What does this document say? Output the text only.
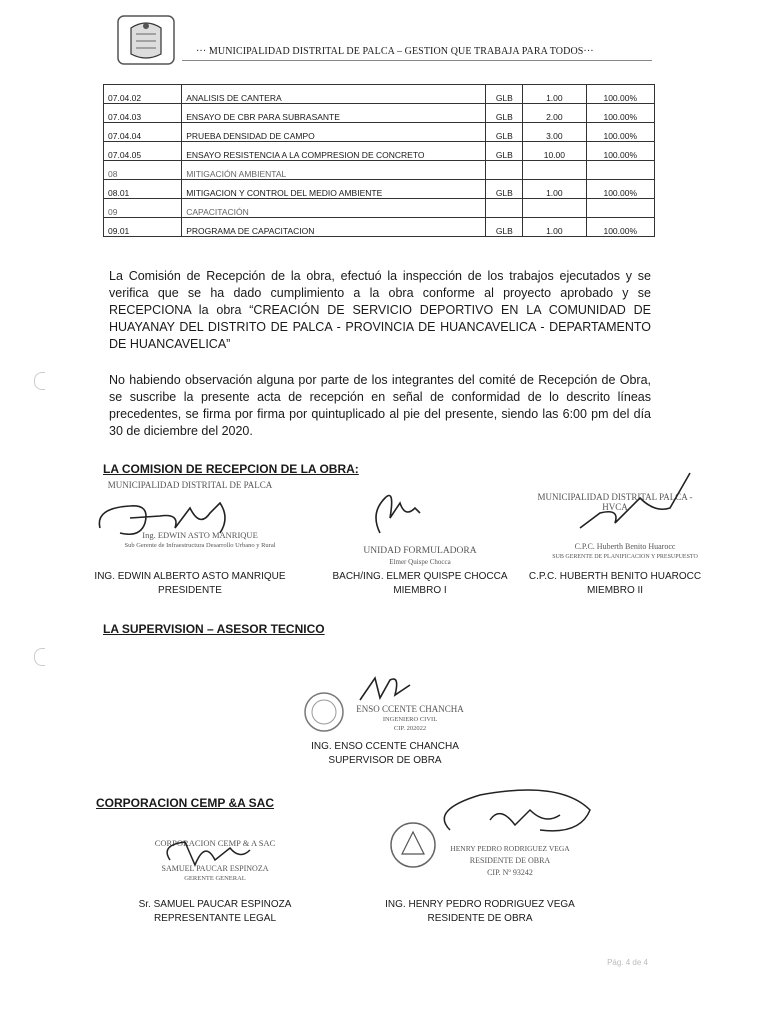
··· MUNICIPALIDAD DISTRITAL DE PALCA – GESTION QUE TRABAJA PARA TODOS···
07.04.02	ANALISIS DE CANTERA	GLB	1.00	100.00%
07.04.03	ENSAYO DE CBR PARA SUBRASANTE	GLB	2.00	100.00%
07.04.04	PRUEBA DENSIDAD DE CAMPO	GLB	3.00	100.00%
07.04.05	ENSAYO RESISTENCIA A LA COMPRESION DE CONCRETO	GLB	10.00	100.00%
08	MITIGACIÓN AMBIENTAL			
08.01	MITIGACION Y CONTROL DEL MEDIO AMBIENTE	GLB	1.00	100.00%
09	CAPACITACIÓN			
09.01	PROGRAMA DE CAPACITACION	GLB	1.00	100.00%
La Comisión de Recepción de la obra, efectuó la inspección de los trabajos ejecutados y se verifica que se ha dado cumplimiento a la obra conforme al proyecto aprobado y se RECEPCIONA la obra “CREACIÓN DE SERVICIO DEPORTIVO EN LA COMUNIDAD DE HUAYANAY DEL DISTRITO DE PALCA - PROVINCIA DE HUANCAVELICA - DEPARTAMENTO DE HUANCAVELICA”
No habiendo observación alguna por parte de los integrantes del comité de Recepción de Obra, se suscribe la presente acta de recepción en señal de conformidad de lo descrito líneas precedentes, se firma por firma por quintuplicado al pie del presente, siendo las 6:00 pm del día 30 de diciembre del 2020.
LA COMISION DE RECEPCION DE LA OBRA:
LA SUPERVISION – ASESOR TECNICO
CORPORACION CEMP &A SAC
MUNICIPALIDAD DISTRITAL DE PALCA
Ing. EDWIN ASTO MANRIQUE
Sub Gerente de Infraestructura Desarrollo Urbano y Rural
ING. EDWIN ALBERTO ASTO MANRIQUE
PRESIDENTE
UNIDAD FORMULADORA
Elmer Quispe Chocca
BACH/ING. ELMER QUISPE CHOCCA
MIEMBRO I
MUNICIPALIDAD DISTRITAL PALCA - HVCA
C.P.C. Huberth Benito Huarocc
SUB GERENTE DE PLANIFICACION Y PRESUPUESTO
C.P.C. HUBERTH BENITO HUAROCC
MIEMBRO II
ENSO CCENTE CHANCHA
INGENIERO CIVIL
CIP. 202022
ING. ENSO CCENTE CHANCHA
SUPERVISOR DE OBRA
CORPORACION CEMP & A SAC
SAMUEL PAUCAR ESPINOZA
GERENTE GENERAL
Sr. SAMUEL PAUCAR ESPINOZA
REPRESENTANTE LEGAL
HENRY PEDRO RODRIGUEZ VEGA
RESIDENTE DE OBRA
CIP. Nº 93242
ING. HENRY PEDRO RODRIGUEZ VEGA
RESIDENTE DE OBRA
Pág. 4 de 4
